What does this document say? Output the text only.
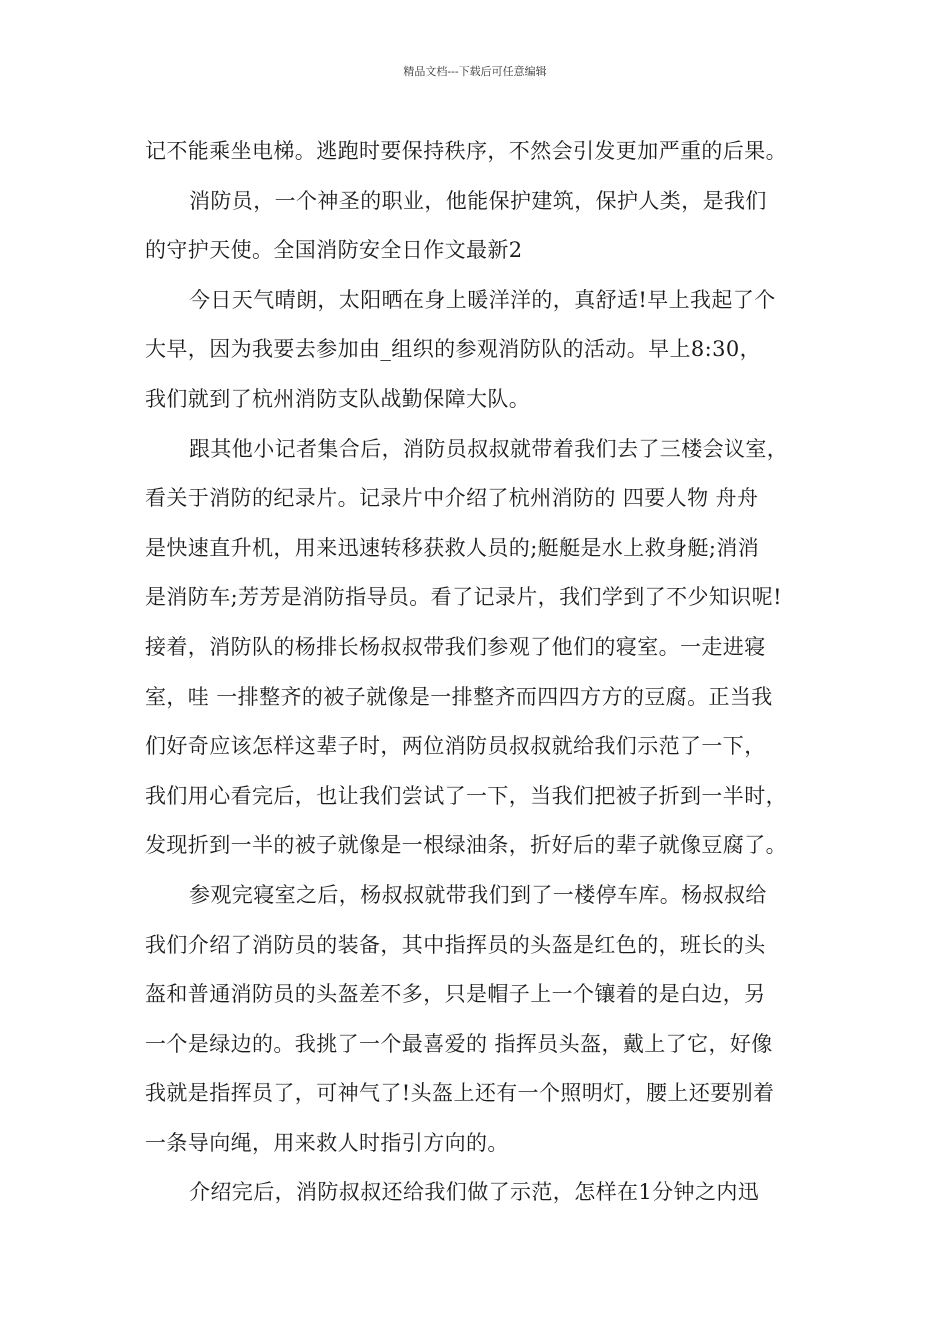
精品文档---下载后可任意编辑
记不能乘坐电梯。逃跑时要保持秩序，不然会引发更加严重的后果。
消防员，一个神圣的职业，他能保护建筑，保护人类，是我们
的守护天使。全国消防安全日作文最新2
今日天气晴朗，太阳晒在身上暖洋洋的，真舒适!早上我起了个
大早，因为我要去参加由_组织的参观消防队的活动。早上8:30，
我们就到了杭州消防支队战勤保障大队。
跟其他小记者集合后，消防员叔叔就带着我们去了三楼会议室，
看关于消防的纪录片。记录片中介绍了杭州消防的 四要人物 舟舟
是快速直升机，用来迅速转移获救人员的;艇艇是水上救身艇;消消
是消防车;芳芳是消防指导员。看了记录片，我们学到了不少知识呢!
接着，消防队的杨排长杨叔叔带我们参观了他们的寝室。一走进寝
室，哇 一排整齐的被子就像是一排整齐而四四方方的豆腐。正当我
们好奇应该怎样这辈子时，两位消防员叔叔就给我们示范了一下，
我们用心看完后，也让我们尝试了一下，当我们把被子折到一半时，
发现折到一半的被子就像是一根绿油条，折好后的辈子就像豆腐了。
参观完寝室之后，杨叔叔就带我们到了一楼停车库。杨叔叔给
我们介绍了消防员的装备，其中指挥员的头盔是红色的，班长的头
盔和普通消防员的头盔差不多，只是帽子上一个镶着的是白边，另
一个是绿边的。我挑了一个最喜爱的 指挥员头盔，戴上了它，好像
我就是指挥员了，可神气了!头盔上还有一个照明灯，腰上还要别着
一条导向绳，用来救人时指引方向的。
介绍完后，消防叔叔还给我们做了示范，怎样在1分钟之内迅
